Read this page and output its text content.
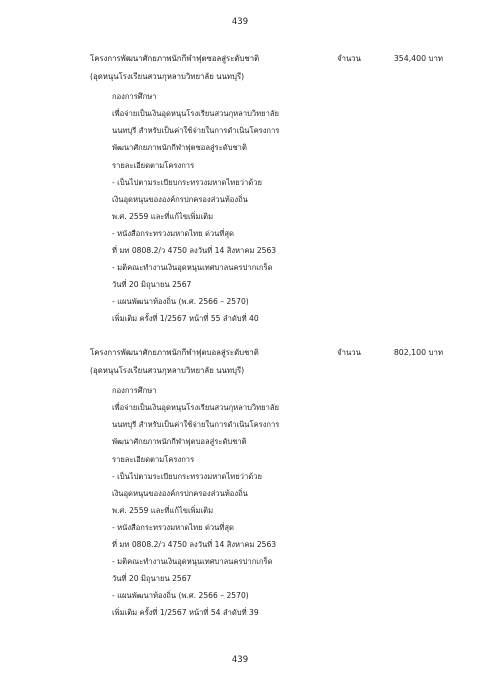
439
โครงการพัฒนาศักยภาพนักกีฬาฟุตซอลสู่ระดับชาติ	จำนวน	354,400 บาท
(อุดหนุนโรงเรียนสวนกุหลาบวิทยาลัย นนทบุรี)
กองการศึกษา
เพื่อจ่ายเป็นเงินอุดหนุนโรงเรียนสวนกุหลาบวิทยาลัย
นนทบุรี สำหรับเป็นค่าใช้จ่ายในการดำเนินโครงการ
พัฒนาศักยภาพนักกีฬาฟุตซอลสู่ระดับชาติ
รายละเอียดตามโครงการ
- เป็นไปตามระเบียบกระทรวงมหาดไทยว่าด้วย
เงินอุดหนุนขององค์กรปกครองส่วนท้องถิ่น
พ.ศ. 2559 และที่แก้ไขเพิ่มเติม
- หนังสือกระทรวงมหาดไทย ด่วนที่สุด
ที่ มท 0808.2/ว 4750 ลงวันที่ 14 สิงหาคม 2563
- มติคณะทำงานเงินอุดหนุนเทศบาลนครปากเกร็ด
วันที่ 20 มิถุนายน 2567
- แผนพัฒนาท้องถิ่น (พ.ศ. 2566 – 2570)
เพิ่มเติม ครั้งที่ 1/2567 หน้าที่ 55 ลำดับที่ 40
โครงการพัฒนาศักยภาพนักกีฬาฟุตบอลสู่ระดับชาติ	จำนวน	802,100 บาท
(อุดหนุนโรงเรียนสวนกุหลาบวิทยาลัย นนทบุรี)
กองการศึกษา
เพื่อจ่ายเป็นเงินอุดหนุนโรงเรียนสวนกุหลาบวิทยาลัย
นนทบุรี สำหรับเป็นค่าใช้จ่ายในการดำเนินโครงการ
พัฒนาศักยภาพนักกีฬาฟุตบอลสู่ระดับชาติ
รายละเอียดตามโครงการ
- เป็นไปตามระเบียบกระทรวงมหาดไทยว่าด้วย
เงินอุดหนุนขององค์กรปกครองส่วนท้องถิ่น
พ.ศ. 2559 และที่แก้ไขเพิ่มเติม
- หนังสือกระทรวงมหาดไทย ด่วนที่สุด
ที่ มท 0808.2/ว 4750 ลงวันที่ 14 สิงหาคม 2563
- มติคณะทำงานเงินอุดหนุนเทศบาลนครปากเกร็ด
วันที่ 20 มิถุนายน 2567
- แผนพัฒนาท้องถิ่น (พ.ศ. 2566 – 2570)
เพิ่มเติม ครั้งที่ 1/2567 หน้าที่ 54 ลำดับที่ 39
439
